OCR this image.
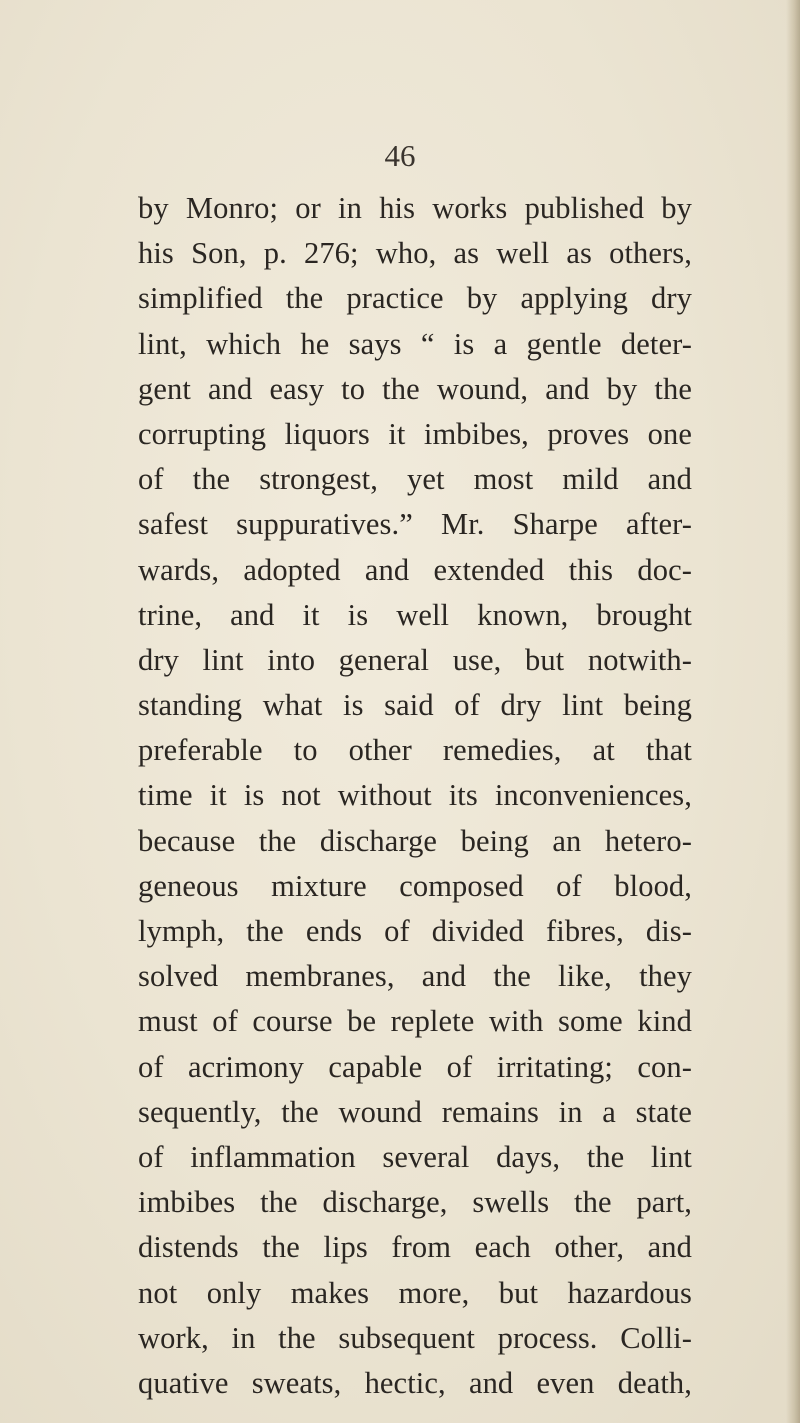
46
by Monro; or in his works published by
his Son, p. 276; who, as well as others,
simplified the practice by applying dry
lint, which he says “ is a gentle deter-
gent and easy to the wound, and by the
corrupting liquors it imbibes, proves one
of the strongest, yet most mild and
safest suppuratives.” Mr. Sharpe after-
wards, adopted and extended this doc-
trine, and it is well known, brought
dry lint into general use, but notwith-
standing what is said of dry lint being
preferable to other remedies, at that
time it is not without its inconveniences,
because the discharge being an hetero-
geneous mixture composed of blood,
lymph, the ends of divided fibres, dis-
solved membranes, and the like, they
must of course be replete with some kind
of acrimony capable of irritating; con-
sequently, the wound remains in a state
of inflammation several days, the lint
imbibes the discharge, swells the part,
distends the lips from each other, and
not only makes more, but hazardous
work, in the subsequent process. Colli-
quative sweats, hectic, and even death,
